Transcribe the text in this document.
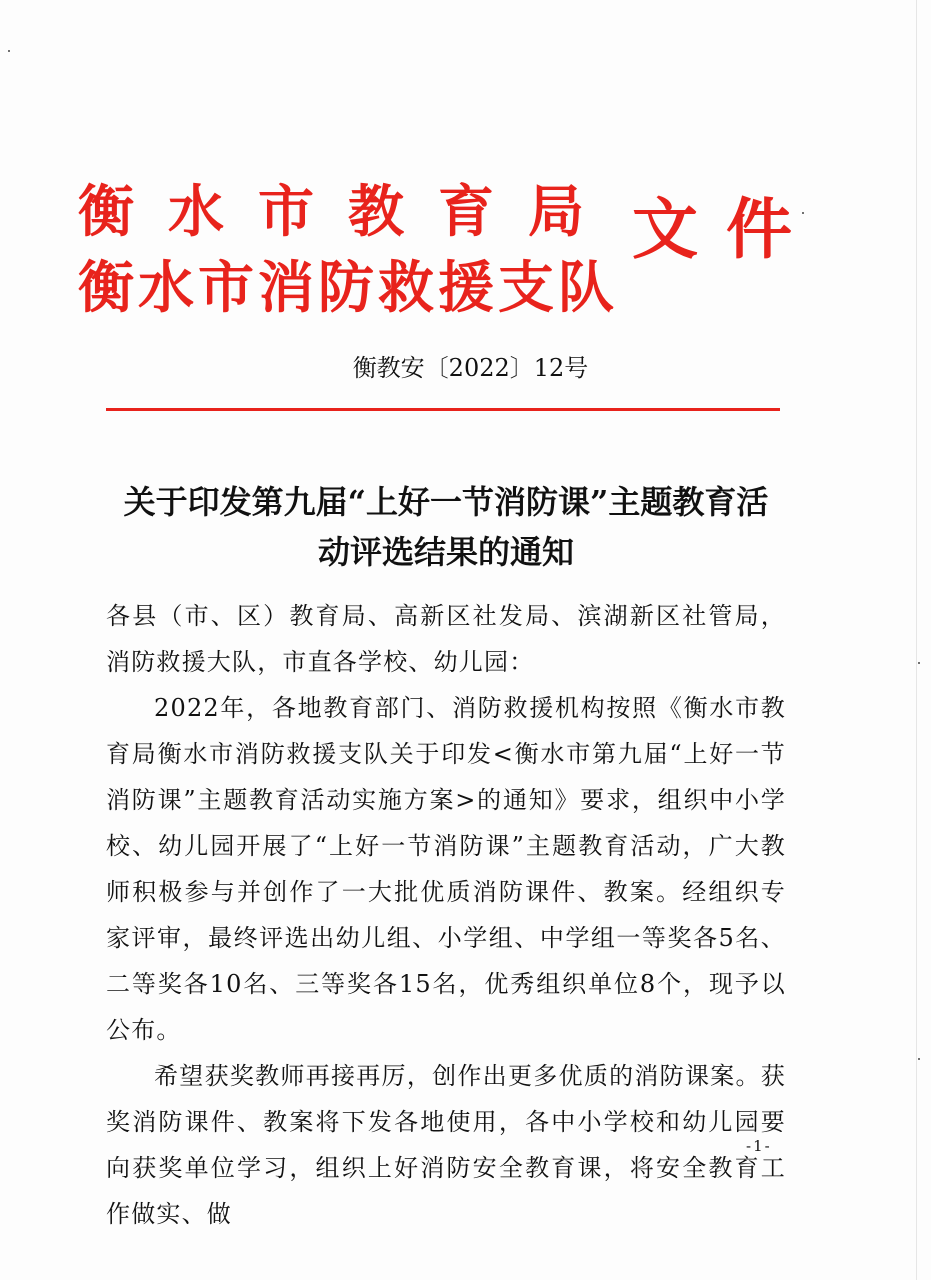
衡水市教育局
衡水市消防救援支队
文件
衡教安〔2022〕12号
关于印发第九届“上好一节消防课”主题教育活
动评选结果的通知

各县（市、区）教育局、高新区社发局、滨湖新区社管局，消防救援大队，市直各学校、幼儿园：

2022年，各地教育部门、消防救援机构按照《衡水市教育局衡水市消防救援支队关于印发<衡水市第九届“上好一节消防课”主题教育活动实施方案>的通知》要求，组织中小学校、幼儿园开展了“上好一节消防课”主题教育活动，广大教师积极参与并创作了一大批优质消防课件、教案。经组织专家评审，最终评选出幼儿组、小学组、中学组一等奖各5名、二等奖各10名、三等奖各15名，优秀组织单位8个，现予以公布。

希望获奖教师再接再厉，创作出更多优质的消防课案。获奖消防课件、教案将下发各地使用，各中小学校和幼儿园要向获奖单位学习，组织上好消防安全教育课，将安全教育工作做实、做

-1-
